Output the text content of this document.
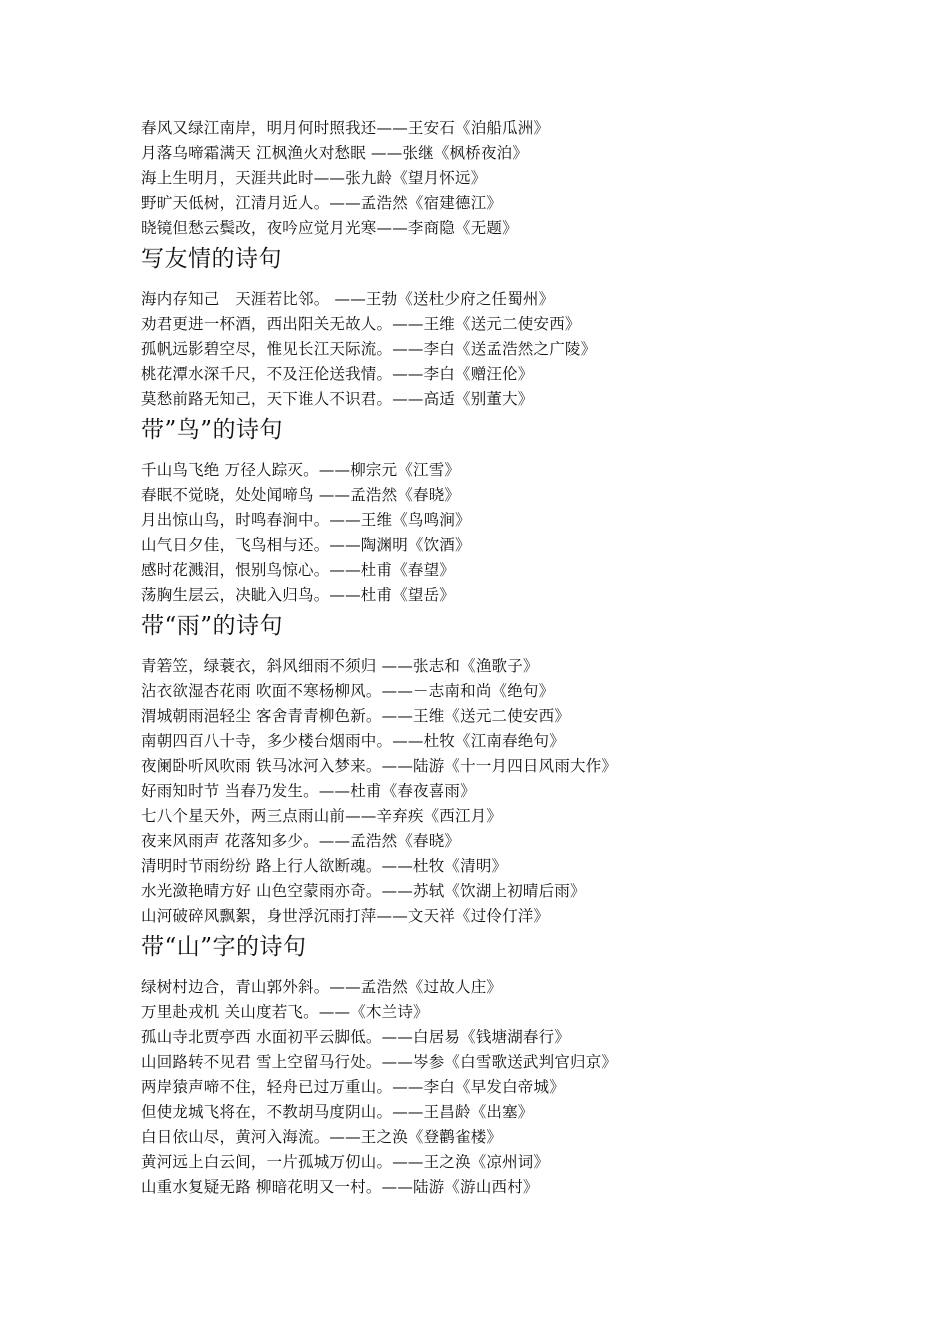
春风又绿江南岸，明月何时照我还——王安石《泊船瓜洲》
月落乌啼霜满天 江枫渔火对愁眠 ——张继《枫桥夜泊》
海上生明月，天涯共此时——张九龄《望月怀远》
野旷天低树，江清月近人。——孟浩然《宿建德江》
晓镜但愁云鬓改，夜吟应觉月光寒——李商隐《无题》
写友情的诗句
海内存知己　天涯若比邻。 ——王勃《送杜少府之任蜀州》
劝君更进一杯酒，西出阳关无故人。——王维《送元二使安西》
孤帆远影碧空尽，惟见长江天际流。——李白《送孟浩然之广陵》
桃花潭水深千尺，不及汪伦送我情。——李白《赠汪伦》
莫愁前路无知己，天下谁人不识君。——高适《别董大》
带”鸟”的诗句
千山鸟飞绝 万径人踪灭。——柳宗元《江雪》
春眠不觉晓，处处闻啼鸟 ——孟浩然《春晓》
月出惊山鸟，时鸣春涧中。——王维《鸟鸣涧》
山气日夕佳，飞鸟相与还。——陶渊明《饮酒》
感时花溅泪，恨别鸟惊心。——杜甫《春望》
荡胸生层云，决眦入归鸟。——杜甫《望岳》
带“雨”的诗句
青箬笠，绿蓑衣，斜风细雨不须归 ——张志和《渔歌子》
沾衣欲湿杏花雨 吹面不寒杨柳风。——－志南和尚《绝句》
渭城朝雨浥轻尘 客舍青青柳色新。——王维《送元二使安西》
南朝四百八十寺，多少楼台烟雨中。——杜牧《江南春绝句》
夜阑卧听风吹雨 铁马冰河入梦来。——陆游《十一月四日风雨大作》
好雨知时节 当春乃发生。——杜甫《春夜喜雨》
七八个星天外，两三点雨山前——辛弃疾《西江月》
夜来风雨声 花落知多少。——孟浩然《春晓》
清明时节雨纷纷 路上行人欲断魂。——杜牧《清明》
水光潋艳晴方好 山色空蒙雨亦奇。——苏轼《饮湖上初晴后雨》
山河破碎风飘絮，身世浮沉雨打萍——文天祥《过伶仃洋》
带“山”字的诗句
绿树村边合，青山郭外斜。——孟浩然《过故人庄》
万里赴戎机 关山度若飞。——《木兰诗》
孤山寺北贾亭西 水面初平云脚低。——白居易《钱塘湖春行》
山回路转不见君 雪上空留马行处。——岑参《白雪歌送武判官归京》
两岸猿声啼不住，轻舟已过万重山。——李白《早发白帝城》
但使龙城飞将在，不教胡马度阴山。——王昌龄《出塞》
白日依山尽，黄河入海流。——王之涣《登鹳雀楼》
黄河远上白云间，一片孤城万仞山。——王之涣《凉州词》
山重水复疑无路 柳暗花明又一村。——陆游《游山西村》
